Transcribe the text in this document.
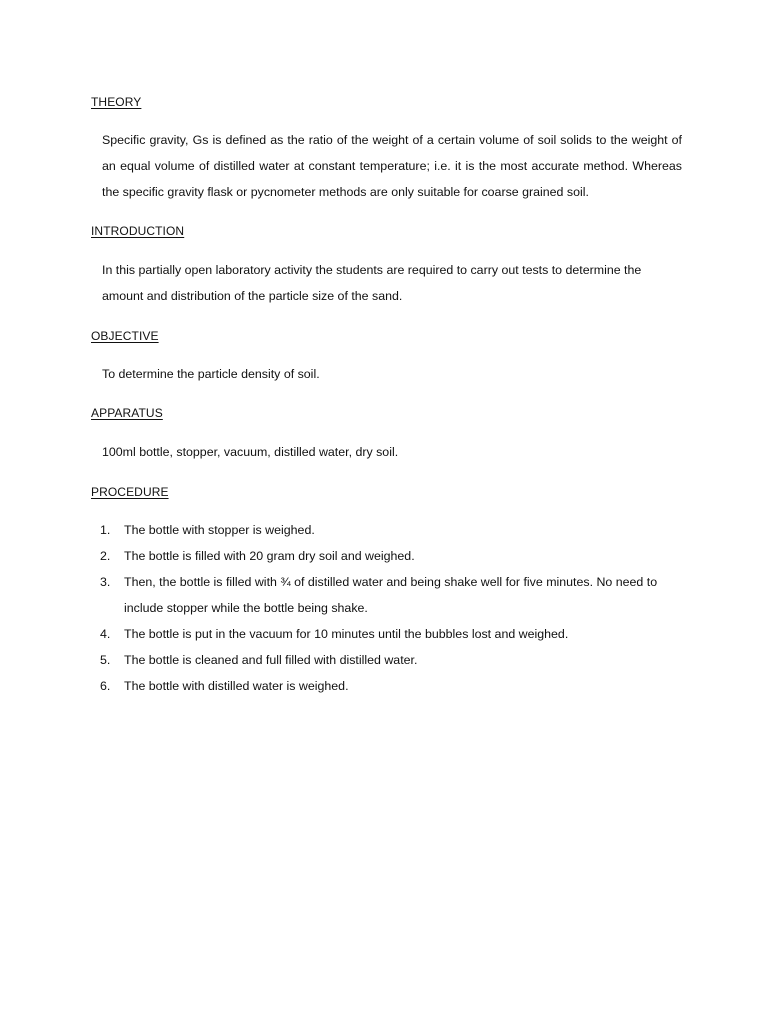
THEORY

Specific gravity, Gs is defined as the ratio of the weight of a certain volume of soil solids to the weight of an equal volume of distilled water at constant temperature; i.e. it is the most accurate method. Whereas the specific gravity flask or pycnometer methods are only suitable for coarse grained soil.

INTRODUCTION

In this partially open laboratory activity the students are required to carry out tests to determine the amount and distribution of the particle size of the sand.

OBJECTIVE

To determine the particle density of soil.

APPARATUS

100ml bottle, stopper, vacuum, distilled water, dry soil.

PROCEDURE
1. The bottle with stopper is weighed.
2. The bottle is filled with 20 gram dry soil and weighed.
3. Then, the bottle is filled with ¾ of distilled water and being shake well for five minutes. No need to include stopper while the bottle being shake.
4. The bottle is put in the vacuum for 10 minutes until the bubbles lost and weighed.
5. The bottle is cleaned and full filled with distilled water.
6. The bottle with distilled water is weighed.
